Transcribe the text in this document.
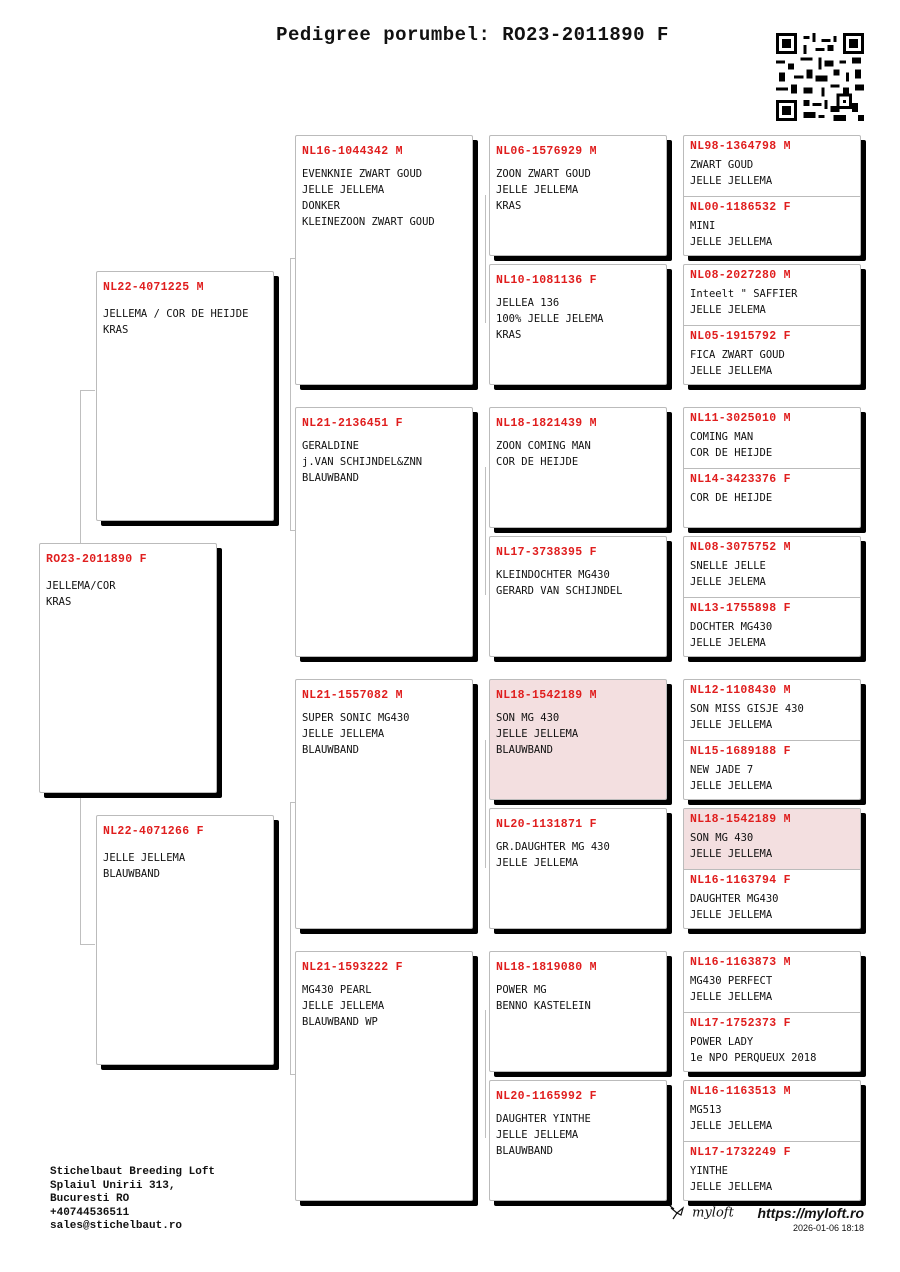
Pedigree porumbel: RO23-2011890 F
RO23-2011890 F
JELLEMA/COR
KRAS
NL22-4071225 M
JELLEMA / COR DE HEIJDE
KRAS
NL22-4071266 F
JELLE JELLEMA
BLAUWBAND
NL16-1044342 M
EVENKNIE ZWART GOUD
JELLE JELLEMA
DONKER
KLEINEZOON ZWART GOUD
NL21-2136451 F
GERALDINE
j.VAN SCHIJNDEL&ZNN
BLAUWBAND
NL21-1557082 M
SUPER SONIC MG430
JELLE JELLEMA
BLAUWBAND
NL21-1593222 F
MG430 PEARL
JELLE JELLEMA
BLAUWBAND WP
NL06-1576929 M
ZOON ZWART GOUD
JELLE JELLEMA
KRAS
NL10-1081136 F
JELLEA 136
100% JELLE JELEMA
KRAS
NL18-1821439 M
ZOON COMING MAN
COR DE HEIJDE
NL17-3738395 F
KLEINDOCHTER MG430
GERARD VAN SCHIJNDEL
NL18-1542189 M
SON MG 430
JELLE JELLEMA
BLAUWBAND
NL20-1131871 F
GR.DAUGHTER MG 430
JELLE JELLEMA
NL18-1819080 M
POWER MG
BENNO KASTELEIN
NL20-1165992 F
DAUGHTER YINTHE
JELLE JELLEMA
BLAUWBAND
NL98-1364798 M
ZWART GOUD
JELLE JELLEMA
NL00-1186532 F
MINI
JELLE JELLEMA
NL08-2027280 M
Inteelt " SAFFIER
JELLE JELEMA
NL05-1915792 F
FICA ZWART GOUD
JELLE JELLEMA
NL11-3025010 M
COMING MAN
COR DE HEIJDE
NL14-3423376 F
COR DE HEIJDE
NL08-3075752 M
SNELLE JELLE
JELLE JELEMA
NL13-1755898 F
DOCHTER MG430
JELLE JELEMA
NL12-1108430 M
SON MISS GISJE 430
JELLE JELLEMA
NL15-1689188 F
NEW JADE 7
JELLE JELLEMA
NL18-1542189 M
SON MG 430
JELLE JELLEMA
NL16-1163794 F
DAUGHTER MG430
JELLE JELLEMA
NL16-1163873 M
MG430 PERFECT
JELLE JELLEMA
NL17-1752373 F
POWER LADY
1e NPO PERQUEUX 2018
NL16-1163513 M
MG513
JELLE JELLEMA
NL17-1732249 F
YINTHE
JELLE JELLEMA
Stichelbaut Breeding Loft
Splaiul Unirii 313,
Bucuresti RO
+40744536511
sales@stichelbaut.ro
myloft https://myloft.ro
2026-01-06 18:18
